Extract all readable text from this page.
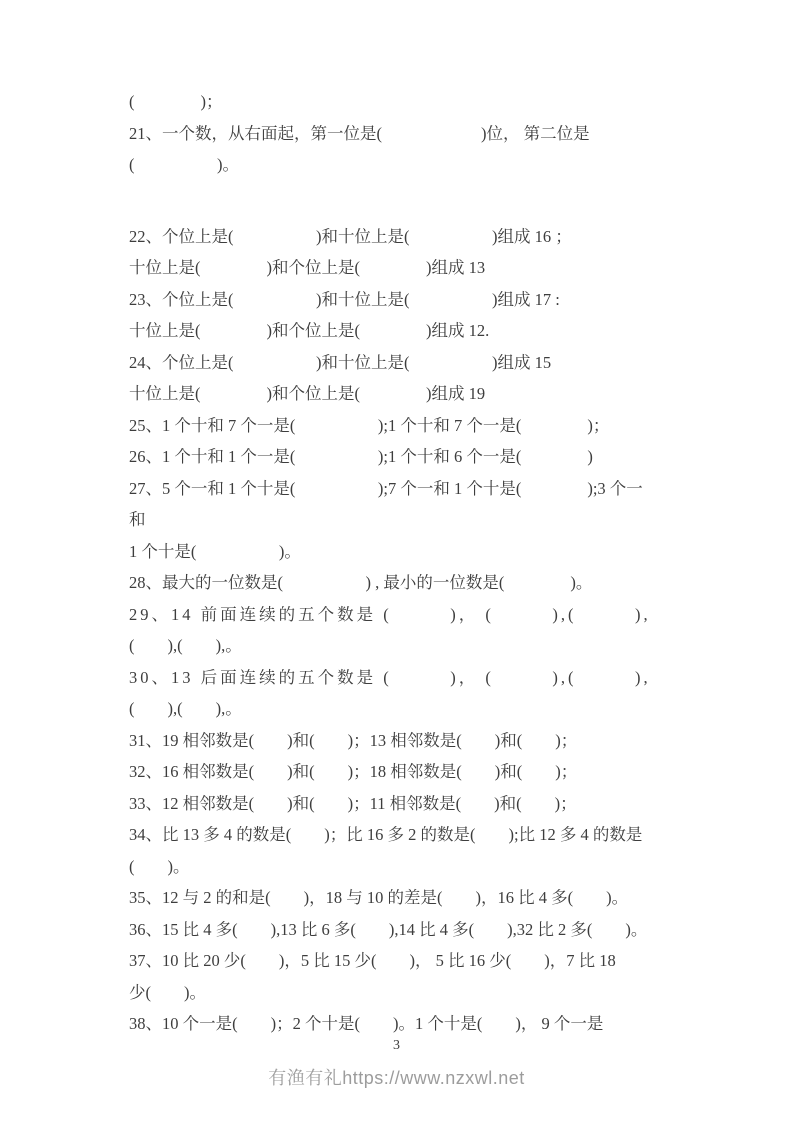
(　　　　)；
21、一个数，从右面起，第一位是(　　　　　　)位， 第二位是(　　　　　)。
22、个位上是(　　　　　)和十位上是(　　　　　)组成 16 ；
十位上是(　　　　)和个位上是(　　　　)组成 13
23、个位上是(　　　　　)和十位上是(　　　　　)组成 17 :
十位上是(　　　　)和个位上是(　　　　)组成 12.
24、个位上是(　　　　　)和十位上是(　　　　　)组成 15
十位上是(　　　　)和个位上是(　　　　)组成 19
25、1 个十和 7 个一是(　　　　　);1 个十和 7 个一是(　　　　)；
26、1 个十和 1 个一是(　　　　　);1 个十和 6 个一是(　　　　)
27、5 个一和 1 个十是(　　　　　);7 个一和 1 个十是(　　　　);3 个一
和
1 个十是(　　　　　)。
28、最大的一位数是(　　　　　) , 最小的一位数是(　　　　)。
29、14 前面连续的五个数是 (　　　)， (　　　),(　　　),
(　　),(　　),。
30、13 后面连续的五个数是 (　　　)， (　　　),(　　　),
(　　),(　　),。
31、19 相邻数是(　　)和(　　)；13 相邻数是(　　)和(　　)；
32、16 相邻数是(　　)和(　　)；18 相邻数是(　　)和(　　)；
33、12 相邻数是(　　)和(　　)；11 相邻数是(　　)和(　　)；
34、比 13 多 4 的数是(　　)；比 16 多 2 的数是(　　);比 12 多 4 的数是
(　　)。
35、12 与 2 的和是(　　)，18 与 10 的差是(　　)，16 比 4 多(　　)。
36、15 比 4 多(　　),13 比 6 多(　　),14 比 4 多(　　),32 比 2 多(　　)。
37、10 比 20 少(　　)，5 比 15 少(　　)， 5 比 16 少(　　)，7 比 18
少(　　)。
38、10 个一是(　　)；2 个十是(　　)。1 个十是(　　)， 9 个一是
3
有渔有礼https://www.nzxwl.net
